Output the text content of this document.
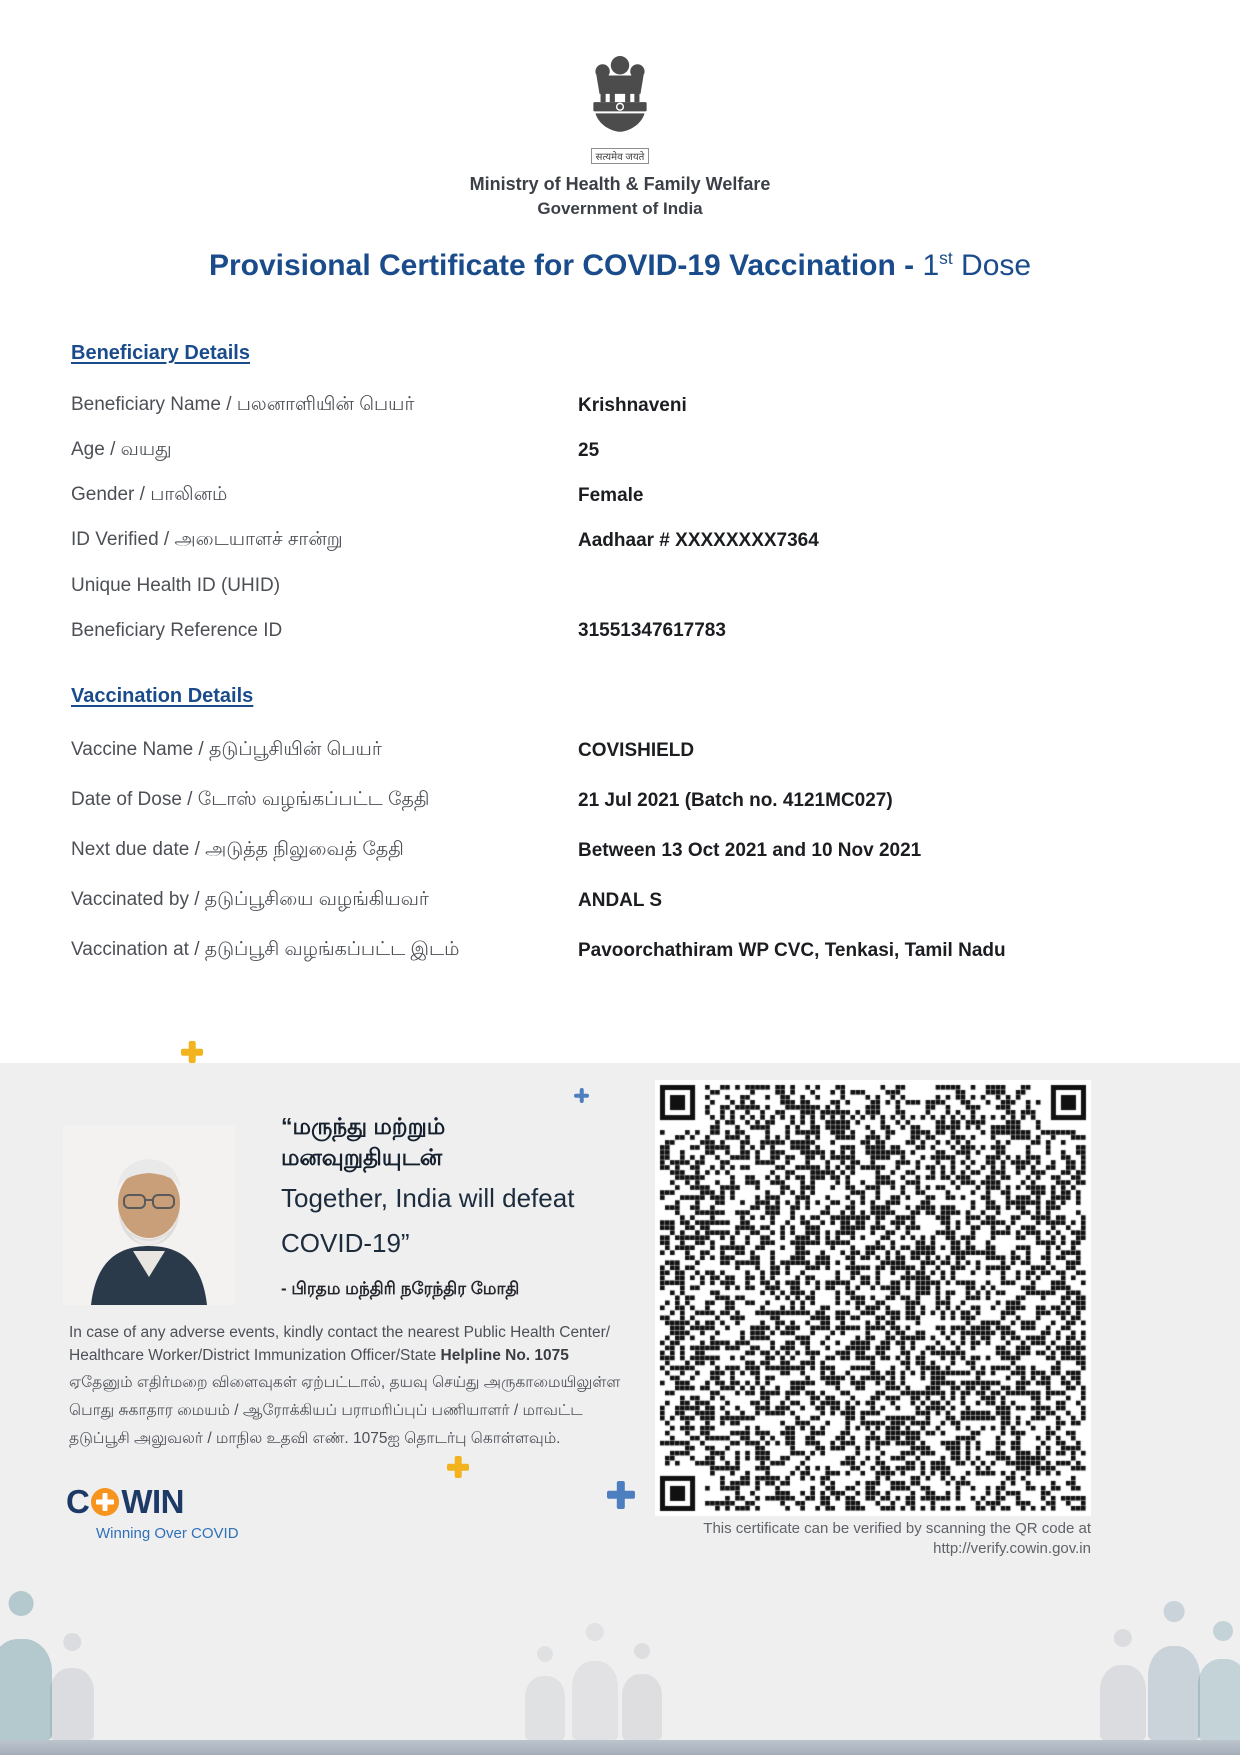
सत्यमेव जयते
Ministry of Health & Family Welfare
Government of India
Provisional Certificate for COVID-19 Vaccination - 1st Dose
Beneficiary Details
Beneficiary Name / பலனாளியின் பெயர்	Krishnaveni
Age / வயது	25
Gender / பாலினம்	Female
ID Verified / அடையாளச் சான்று	Aadhaar # XXXXXXXX7364
Unique Health ID (UHID)
Beneficiary Reference ID	31551347617783
Vaccination Details
Vaccine Name / தடுப்பூசியின் பெயர்	COVISHIELD
Date of Dose / டோஸ் வழங்கப்பட்ட தேதி	21 Jul 2021 (Batch no. 4121MC027)
Next due date / அடுத்த நிலுவைத் தேதி	Between 13 Oct 2021 and 10 Nov 2021
Vaccinated by / தடுப்பூசியை வழங்கியவர்	ANDAL S
Vaccination at / தடுப்பூசி வழங்கப்பட்ட இடம்	Pavoorchathiram WP CVC, Tenkasi, Tamil Nadu
“மருந்து மற்றும்
மனவுறுதியுடன்
Together, India will defeat
COVID-19”
- பிரதம மந்திரி நரேந்திர மோதி

In case of any adverse events, kindly contact the nearest Public Health Center/ Healthcare Worker/District Immunization Officer/State Helpline No. 1075

ஏதேனும் எதிர்மறை விளைவுகள் ஏற்பட்டால், தயவு செய்து அருகாமையிலுள்ள பொது சுகாதார மையம் / ஆரோக்கியப் பராமரிப்புப் பணியாளர் / மாவட்ட தடுப்பூசி அலுவலர் / மாநில உதவி எண். 1075ஐ தொடர்பு கொள்ளவும்.

C WIN
Winning Over COVID	This certificate can be verified by scanning the QR code at
http://verify.cowin.gov.in
